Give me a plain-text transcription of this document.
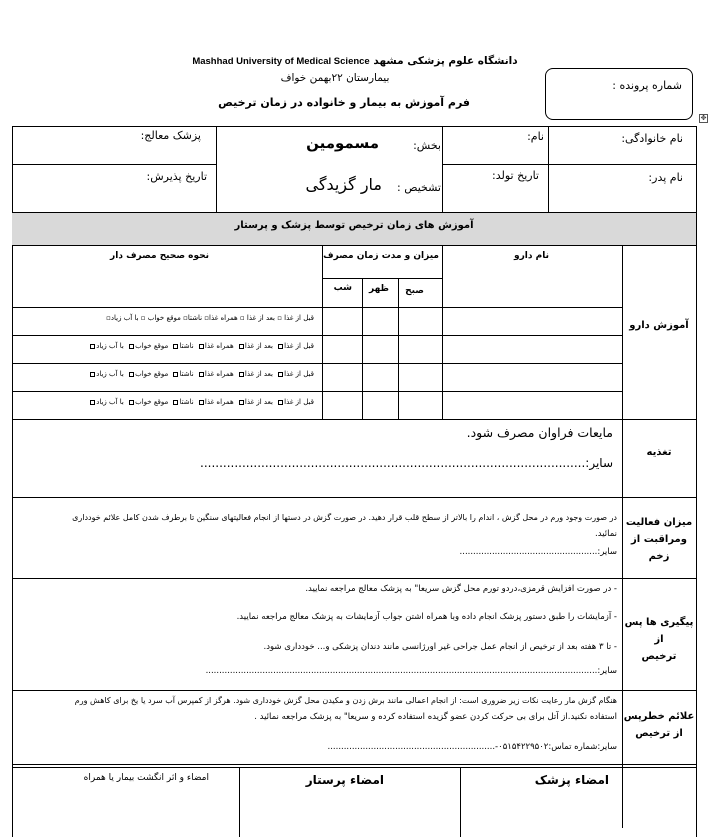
دانشگاه علوم پزشکی مشهد Mashhad University of Medical Science
بیمارستان ۲۲بهمن خواف
فرم آموزش به بیمار و خانواده در زمان ترخیص
شماره پرونده :
✥
نام خانوادگی:
نام:
بخش:
مسمومین
پزشک معالج:
نام پدر:
تاریخ تولد:
تشخیص :
مار گزیدگی
تاریخ پذیرش:
آموزش های زمان ترخیص توسط پزشک و پرستار
آموزش دارو
نام دارو
میزان و مدت زمان مصرف
صبح
ظهر
شب
نحوه صحیح مصرف دار
قبل از غذا ▫ بعد از غذا ▫ همراه غذا▫ ناشتا▫ موقع خواب ▫ با آب زیاد▫
قبل از غذا بعد از غذا همراه غذا ناشتا موقع خواب با آب زیاد
قبل از غذا بعد از غذا همراه غذا ناشتا موقع خواب با آب زیاد
قبل از غذا بعد از غذا همراه غذا ناشتا موقع خواب با آب زیاد
تغذیه
مایعات فراوان مصرف شود.
سایر:.....................................................................................................
میزان فعالیت
ومراقبت از زخم
در صورت وجود ورم در محل گزش ، اندام را بالاتر از سطح قلب قرار دهید. در صورت گزش در دستها از انجام فعالیتهای سنگین تا برطرف شدن کامل علائم خودداری
نمائید.
سایر:...................................................
پیگیری ها پس از
ترخیص
- در صورت افزایش قرمزی،دردو تورم محل گزش سریعا" به پزشک معالج مراجعه نمایید.
- آزمایشات را طبق دستور پزشک انجام داده وبا همراه اشتن جواب آزمایشات به پزشک معالج مراجعه نمایید.
- تا ۳ هفته بعد از ترخیص از انجام عمل جراحی غیر اورژانسی مانند دندان پزشکی و... خودداری شود.
سایر:.................................................................................................................................................
علائم خطرپس
از ترخیص
هنگام گزش مار رعایت نکات زیر ضروری است: از انجام اعمالی مانند برش زدن و مکیدن محل گزش خودداری شود. هرگز از کمپرس آب سرد یا یخ برای کاهش ورم
استفاده نکنید.از آتل برای بی حرکت کردن عضو گزیده استفاده کرده و سریعا" به پزشک مراجعه نمائید .
سایر:شماره تماس:۰۵۱۵۴۲۲۹۵۰۲-..............................................................
امضاء پزشک
امضاء پرستار
امضاء و اثر انگشت بیمار یا همراه
